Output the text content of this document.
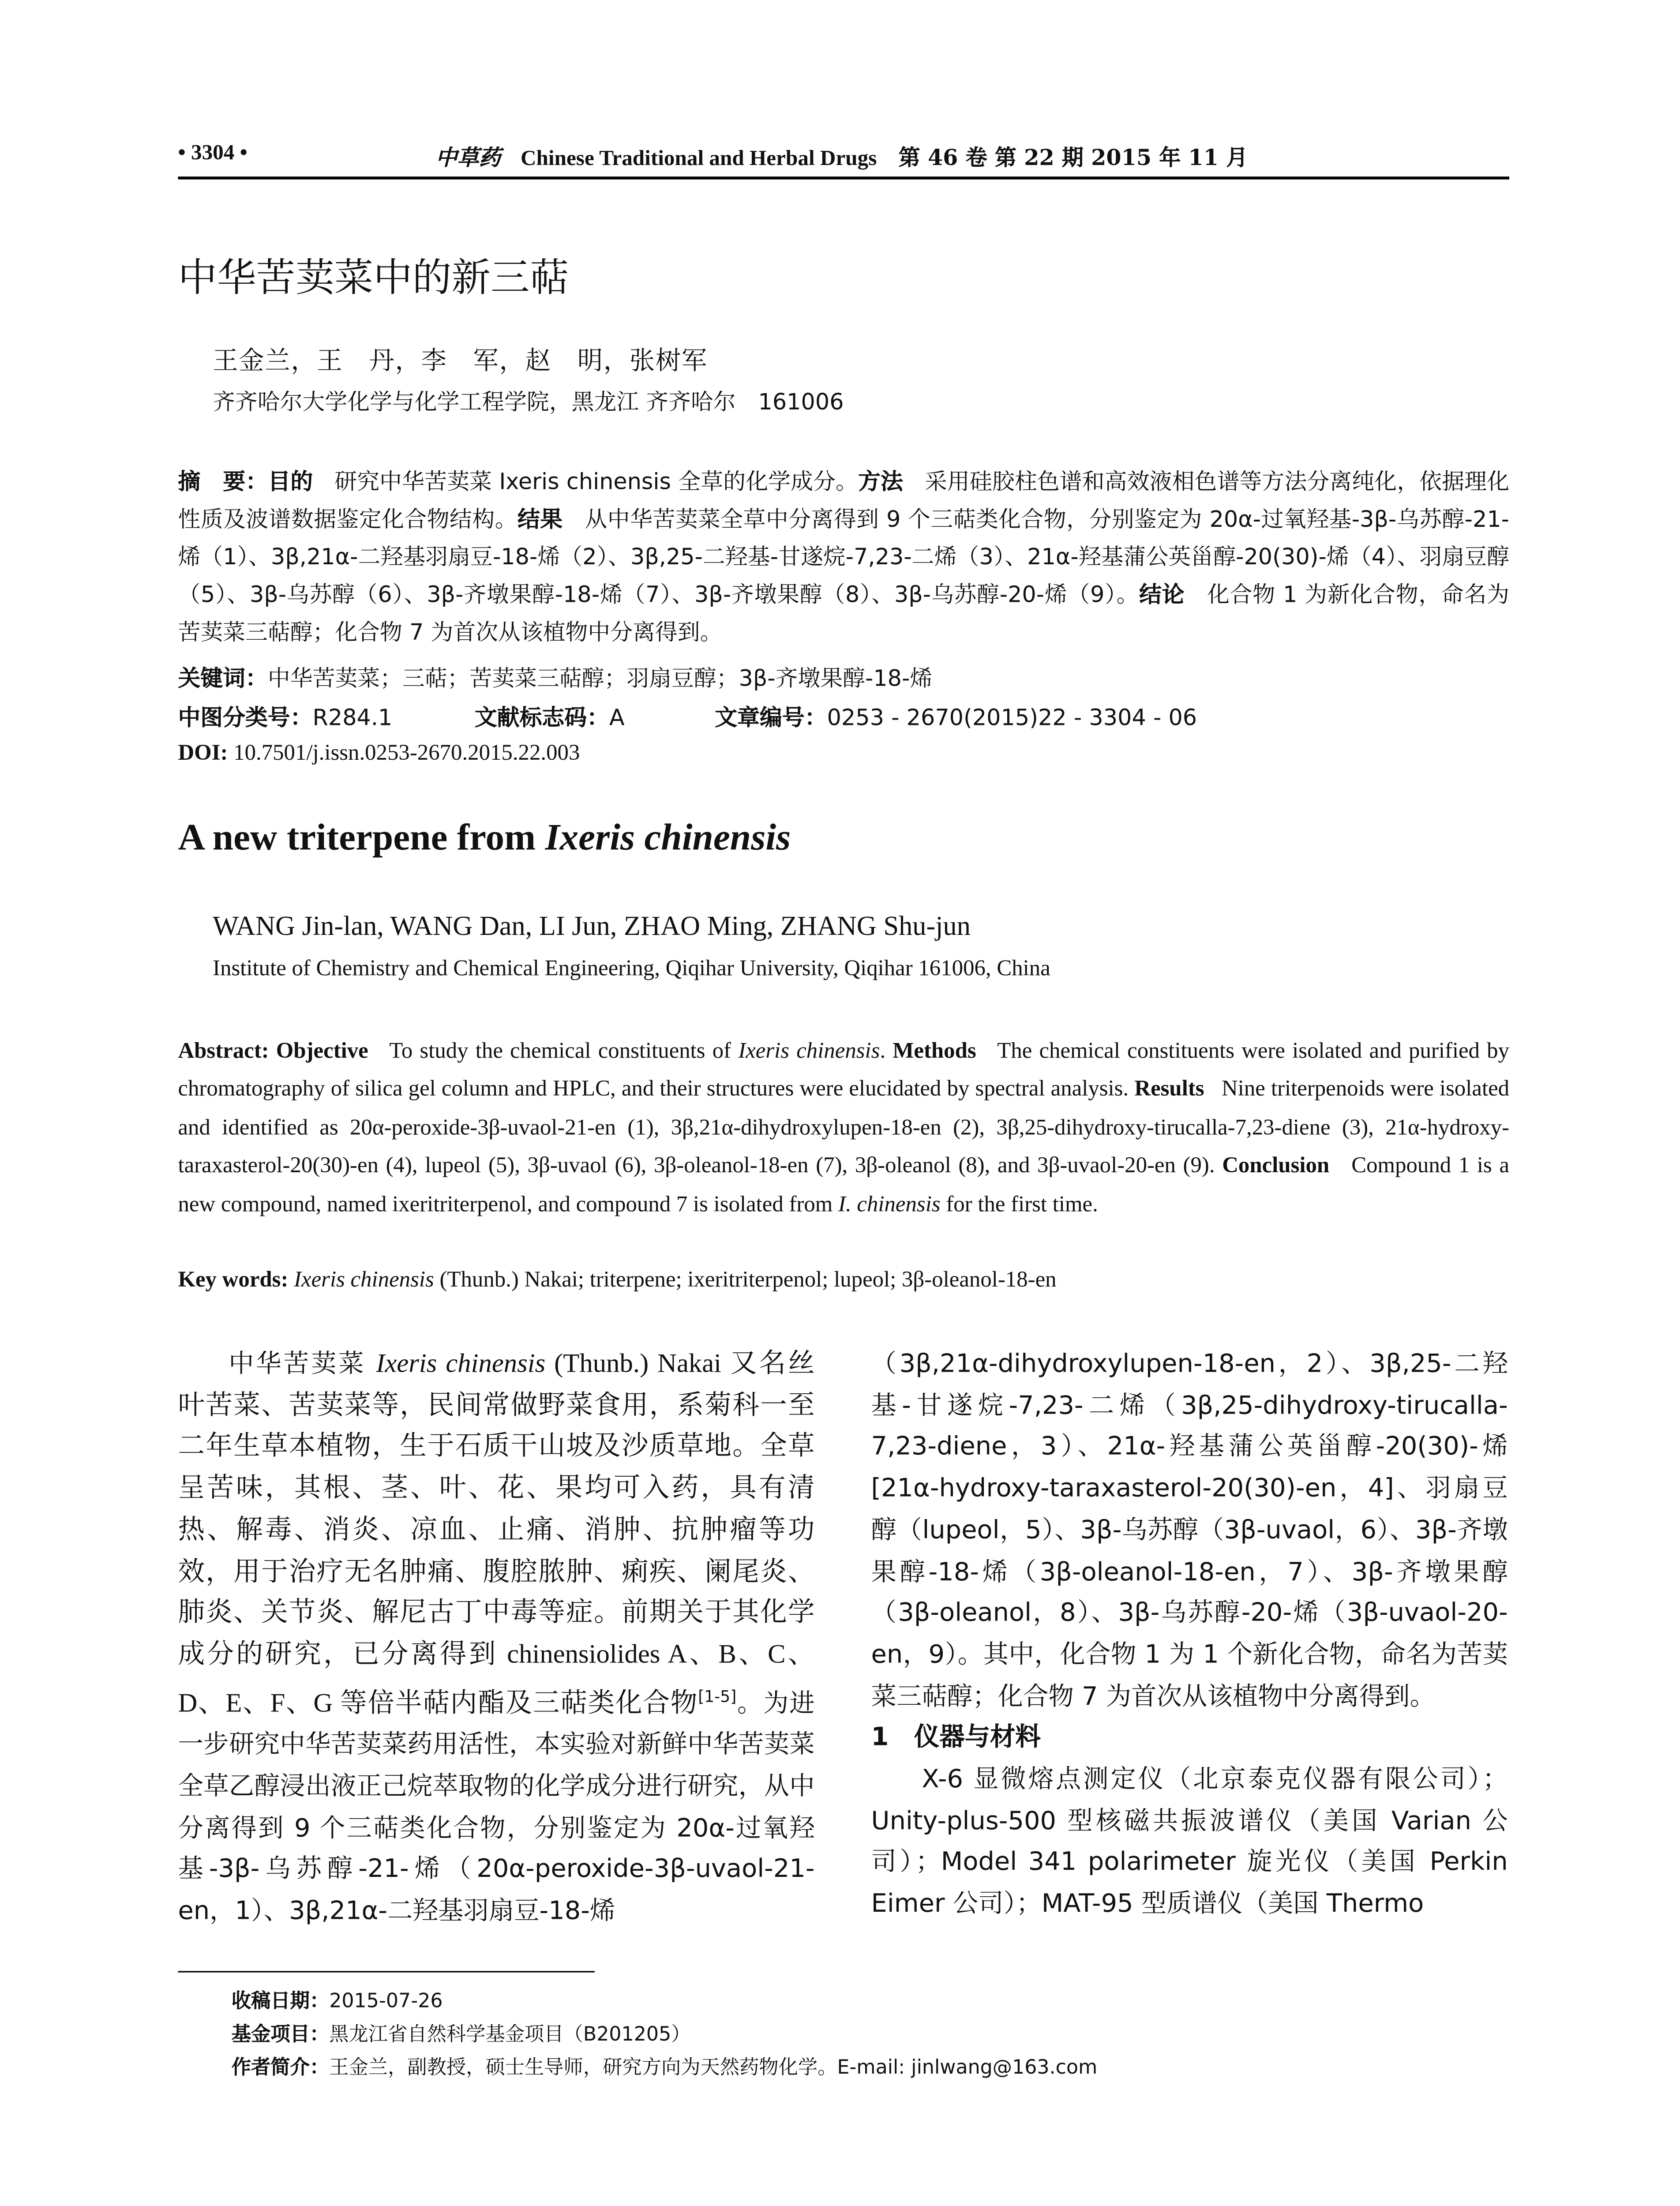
• 3304 •	中草药	Chinese Traditional and Herbal Drugs	第 46 卷 第 22 期 2015 年 11 月
中华苦荬菜中的新三萜
王金兰，王　丹，李　军，赵　明，张树军
齐齐哈尔大学化学与化学工程学院，黑龙江 齐齐哈尔　161006
摘　要：目的	研究中华苦荬菜 Ixeris chinensis 全草的化学成分。方法	采用硅胶柱色谱和高效液相色谱等方法分离纯化，依据理化性质及波谱数据鉴定化合物结构。结果	从中华苦荬菜全草中分离得到 9 个三萜类化合物，分别鉴定为 20α-过氧羟基-3β-乌苏醇-21-烯（1）、3β,21α-二羟基羽扇豆-18-烯（2）、3β,25-二羟基-甘遂烷-7,23-二烯（3）、21α-羟基蒲公英甾醇-20(30)-烯（4）、羽扇豆醇（5）、3β-乌苏醇（6）、3β-齐墩果醇-18-烯（7）、3β-齐墩果醇（8）、3β-乌苏醇-20-烯（9）。结论	化合物 1 为新化合物，命名为苦荬菜三萜醇；化合物 7 为首次从该植物中分离得到。
关键词：中华苦荬菜；三萜；苦荬菜三萜醇；羽扇豆醇；3β-齐墩果醇-18-烯
中图分类号：R284.1	文献标志码：A	文章编号：0253 - 2670(2015)22 - 3304 - 06
DOI: 10.7501/j.issn.0253-2670.2015.22.003
A new triterpene from Ixeris chinensis
WANG Jin-lan, WANG Dan, LI Jun, ZHAO Ming, ZHANG Shu-jun
Institute of Chemistry and Chemical Engineering, Qiqihar University, Qiqihar 161006, China
Abstract: Objective	To study the chemical constituents of Ixeris chinensis. Methods	The chemical constituents were isolated and purified by chromatography of silica gel column and HPLC, and their structures were elucidated by spectral analysis. Results	Nine triterpenoids were isolated and identified as 20α-peroxide-3β-uvaol-21-en (1), 3β,21α-dihydroxylupen-18-en (2), 3β,25-dihydroxy-tirucalla-7,23-diene (3), 21α-hydroxy-taraxasterol-20(30)-en (4), lupeol (5), 3β-uvaol (6), 3β-oleanol-18-en (7), 3β-oleanol (8), and 3β-uvaol-20-en (9). Conclusion	Compound 1 is a new compound, named ixeritriterpenol, and compound 7 is isolated from I. chinensis for the first time.
Key words: Ixeris chinensis (Thunb.) Nakai; triterpene; ixeritriterpenol; lupeol; 3β-oleanol-18-en

中华苦荬菜 Ixeris chinensis (Thunb.) Nakai 又名丝叶苦菜、苦荬菜等，民间常做野菜食用，系菊科一至二年生草本植物，生于石质干山坡及沙质草地。全草呈苦味，其根、茎、叶、花、果均可入药，具有清热、解毒、消炎、凉血、止痛、消肿、抗肿瘤等功效，用于治疗无名肿痛、腹腔脓肿、痢疾、阑尾炎、肺炎、关节炎、解尼古丁中毒等症。前期关于其化学成分的研究，已分离得到 chinensiolides A、B、C、D、E、F、G 等倍半萜内酯及三萜类化合物[1-5]。为进一步研究中华苦荬菜药用活性，本实验对新鲜中华苦荬菜全草乙醇浸出液正己烷萃取物的化学成分进行研究，从中分离得到 9 个三萜类化合物，分别鉴定为 20α-过氧羟基-3β-乌苏醇-21-烯（20α-peroxide-3β-uvaol-21-en，1）、3β,21α-二羟基羽扇豆-18-烯

（3β,21α-dihydroxylupen-18-en，2）、3β,25-二羟基-甘遂烷-7,23-二烯（3β,25-dihydroxy-tirucalla-7,23-diene，3）、21α-羟基蒲公英甾醇-20(30)-烯 [21α-hydroxy-taraxasterol-20(30)-en，4]、羽扇豆醇（lupeol，5）、3β-乌苏醇（3β-uvaol，6）、3β-齐墩果醇-18-烯（3β-oleanol-18-en，7）、3β-齐墩果醇（3β-oleanol，8）、3β-乌苏醇-20-烯（3β-uvaol-20-en，9）。其中，化合物 1 为 1 个新化合物，命名为苦荬菜三萜醇；化合物 7 为首次从该植物中分离得到。

1　仪器与材料

X-6 显微熔点测定仪（北京泰克仪器有限公司）；Unity-plus-500 型核磁共振波谱仪（美国 Varian 公司）；Model 341 polarimeter 旋光仪（美国 Perkin Eimer 公司）；MAT-95 型质谱仪（美国 Thermo

收稿日期：2015-07-26
基金项目：黑龙江省自然科学基金项目（B201205）
作者简介：王金兰，副教授，硕士生导师，研究方向为天然药物化学。E-mail: jinlwang@163.com
